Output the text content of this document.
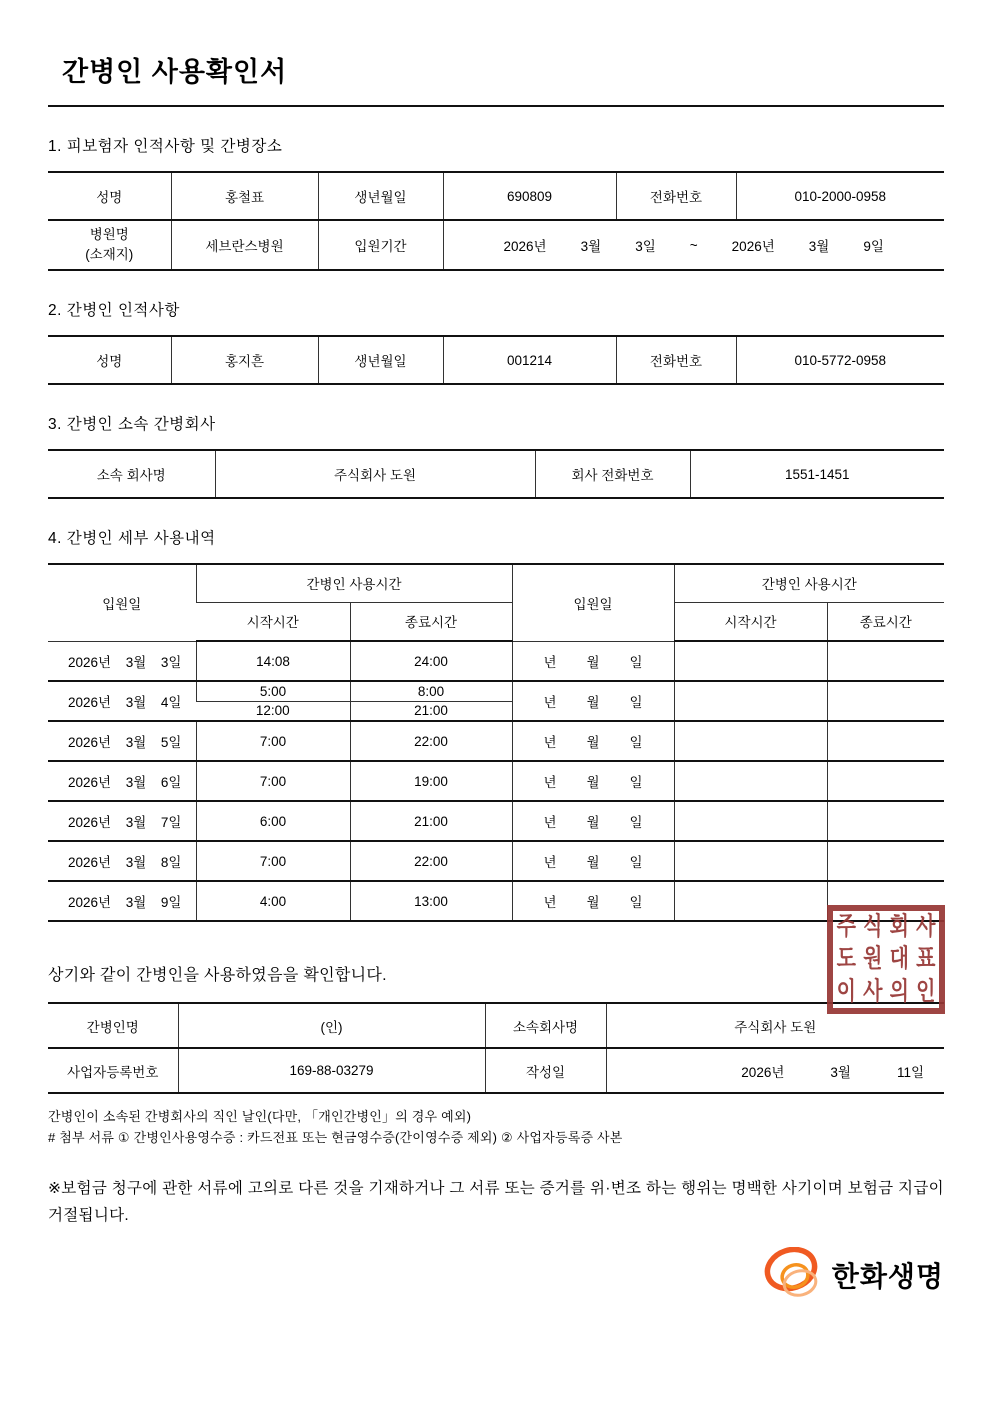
간병인 사용확인서
1. 피보험자 인적사항 및 간병장소
성명	홍철표	생년월일	690809	전화번호	010-2000-0958
병원명
(소재지)	세브란스병원	입원기간	2026년	3월	3일	~	2026년	3월	9일
2. 간병인 인적사항
성명	홍지흔	생년월일	001214	전화번호	010-5772-0958
3. 간병인 소속 간병회사
소속 회사명	주식회사 도원	회사 전화번호	1551-1451
4. 간병인 세부 사용내역
입원일	간병인 사용시간		입원일	간병인 사용시간	
	시작시간	종료시간		시작시간	종료시간

2026년 3월 3일	14:08	24:00	년 월 일		

2026년 3월 4일	5:00	8:00	년 월 일		

	12:00	21:00			

2026년 3월 5일	7:00	22:00	년 월 일		

2026년 3월 6일	7:00	19:00	년 월 일		

2026년 3월 7일	6:00	21:00	년 월 일		

2026년 3월 8일	7:00	22:00	년 월 일		

2026년 3월 9일	4:00	13:00	년 월 일		

상기와 같이 간병인을 사용하였음을 확인합니다.
간병인명	(인)	소속회사명	주식회사 도원
사업자등록번호	169-88-03279	작성일	2026년 3월 11일
주 식 회 사
도 원 대 표
이 사 의 인
간병인이 소속된 간병회사의 직인 날인(다만, 「개인간병인」의 경우 예외)
# 첨부 서류 ① 간병인사용영수증 : 카드전표 또는 현금영수증(간이영수증 제외) ② 사업자등록증 사본
※보험금 청구에 관한 서류에 고의로 다른 것을 기재하거나 그 서류 또는 증거를 위·변조 하는 행위는 명백한 사기이며 보험금 지급이 거절됩니다.
한화생명
